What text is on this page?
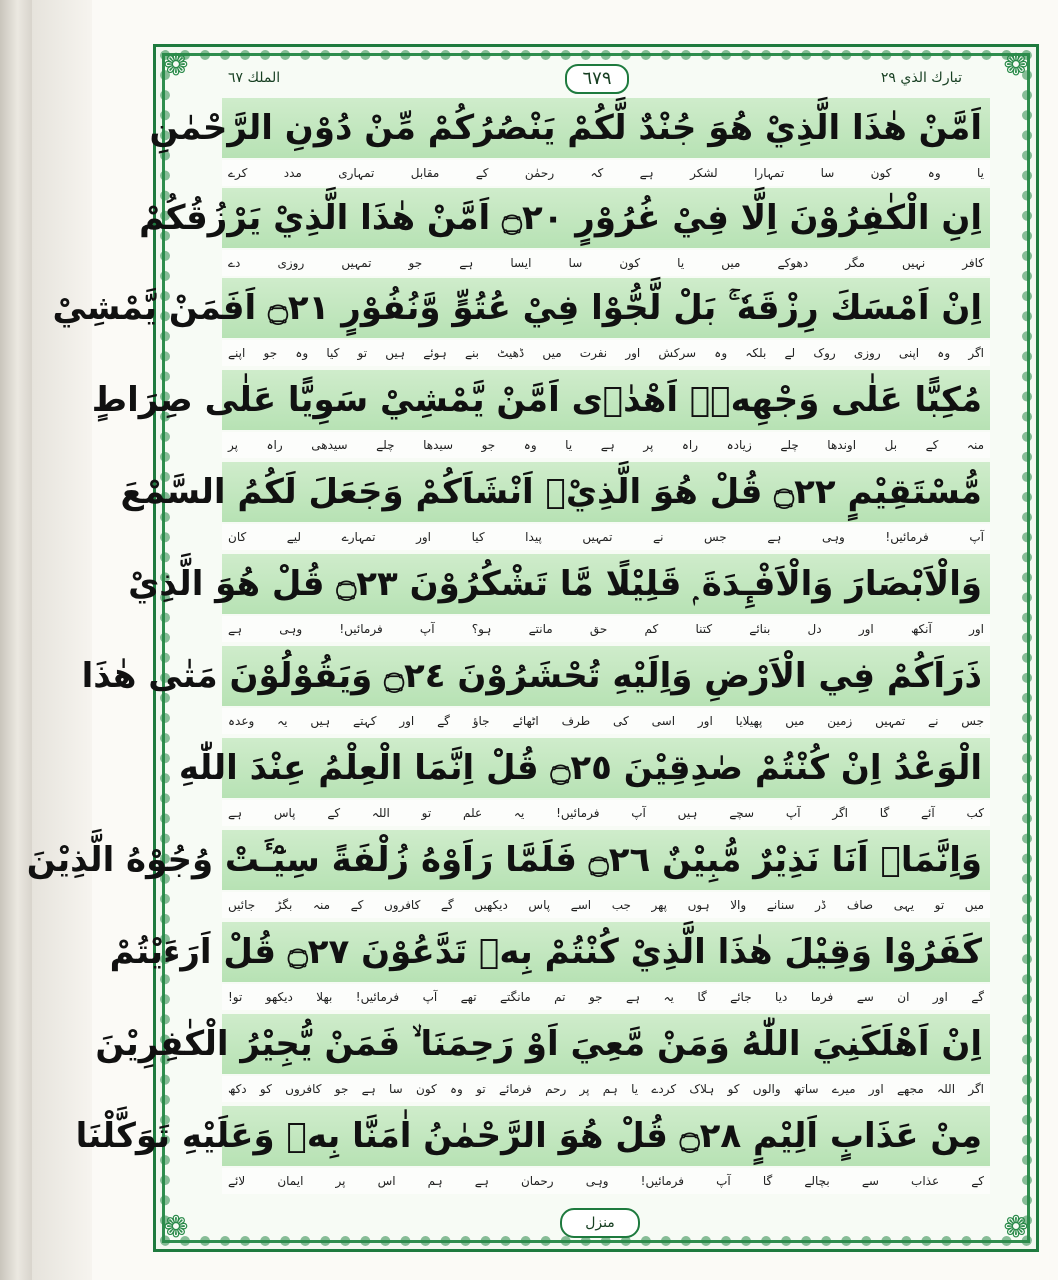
❁	❁
❁	❁
الملك ٦٧	٦٧٩	تبارك الذي ٢٩
اَمَّنْ هٰذَا الَّذِيْ هُوَ جُنْدٌ لَّكُمْ يَنْصُرُكُمْ مِّنْ دُوْنِ الرَّحْمٰنِ
یا وہ کون سا تمہارا لشکر ہے کہ رحمٰن کے مقابل تمہاری مدد کرے
اِنِ الْكٰفِرُوْنَ اِلَّا فِيْ غُرُوْرٍ ۝٢٠ اَمَّنْ هٰذَا الَّذِيْ يَرْزُقُكُمْ
کافر نہیں مگر دھوکے میں یا کون سا ایسا ہے جو تمہیں روزی دے
اِنْ اَمْسَكَ رِزْقَهٗ ۚ بَلْ لَّجُّوْا فِيْ عُتُوٍّ وَّنُفُوْرٍ ۝٢١ اَفَمَنْ يَّمْشِيْ
اگر وہ اپنی روزی روک لے بلکہ وہ سرکش اور نفرت میں ڈھیٹ بنے ہوئے ہیں تو کیا وہ جو اپنے
مُكِبًّا عَلٰى وَجْهِهٖۤ اَهْدٰۤى اَمَّنْ يَّمْشِيْ سَوِيًّا عَلٰى صِرَاطٍ
منہ کے بل اوندھا چلے زیادہ راہ پر ہے یا وہ جو سیدھا چلے سیدھی راہ پر
مُّسْتَقِيْمٍ ۝٢٢ قُلْ هُوَ الَّذِيْۤ اَنْشَاَكُمْ وَجَعَلَ لَكُمُ السَّمْعَ
آپ فرمائیں! وہی ہے جس نے تمہیں پیدا کیا اور تمہارے لیے کان
وَالْاَبْصَارَ وَالْاَفْـِٕدَةَ ۭ قَلِيْلًا مَّا تَشْكُرُوْنَ ۝٢٣ قُلْ هُوَ الَّذِيْ
اور آنکھ اور دل بنائے کتنا کم حق مانتے ہو؟ آپ فرمائیں! وہی ہے
ذَرَاَكُمْ فِي الْاَرْضِ وَاِلَيْهِ تُحْشَرُوْنَ ۝٢٤ وَيَقُوْلُوْنَ مَتٰى هٰذَا
جس نے تمہیں زمین میں پھیلایا اور اسی کی طرف اٹھائے جاؤ گے اور کہتے ہیں یہ وعدہ
الْوَعْدُ اِنْ كُنْتُمْ صٰدِقِيْنَ ۝٢٥ قُلْ اِنَّمَا الْعِلْمُ عِنْدَ اللّٰهِ
کب آئے گا اگر آپ سچے ہیں آپ فرمائیں! یہ علم تو اللہ کے پاس ہے
وَاِنَّمَاۤ اَنَا نَذِيْرٌ مُّبِيْنٌ ۝٢٦ فَلَمَّا رَاَوْهُ زُلْفَةً سِيْٓـَٔتْ وُجُوْهُ الَّذِيْنَ
میں تو یہی صاف ڈر سنانے والا ہوں پھر جب اسے پاس دیکھیں گے کافروں کے منہ بگڑ جائیں
كَفَرُوْا وَقِيْلَ هٰذَا الَّذِيْ كُنْتُمْ بِهٖ تَدَّعُوْنَ ۝٢٧ قُلْ اَرَءَيْتُمْ
گے اور ان سے فرما دیا جائے گا یہ ہے جو تم مانگتے تھے آپ فرمائیں! بھلا دیکھو تو!
اِنْ اَهْلَكَنِيَ اللّٰهُ وَمَنْ مَّعِيَ اَوْ رَحِمَنَا ۙ فَمَنْ يُّجِيْرُ الْكٰفِرِيْنَ
اگر اللہ مجھے اور میرے ساتھ والوں کو ہلاک کردے یا ہم پر رحم فرمائے تو وہ کون سا ہے جو کافروں کو دکھ
مِنْ عَذَابٍ اَلِيْمٍ ۝٢٨ قُلْ هُوَ الرَّحْمٰنُ اٰمَنَّا بِهٖ وَعَلَيْهِ تَوَكَّلْنَا
کے عذاب سے بچالے گا آپ فرمائیں! وہی رحمان ہے ہم اس پر ایمان لائے
منزل
